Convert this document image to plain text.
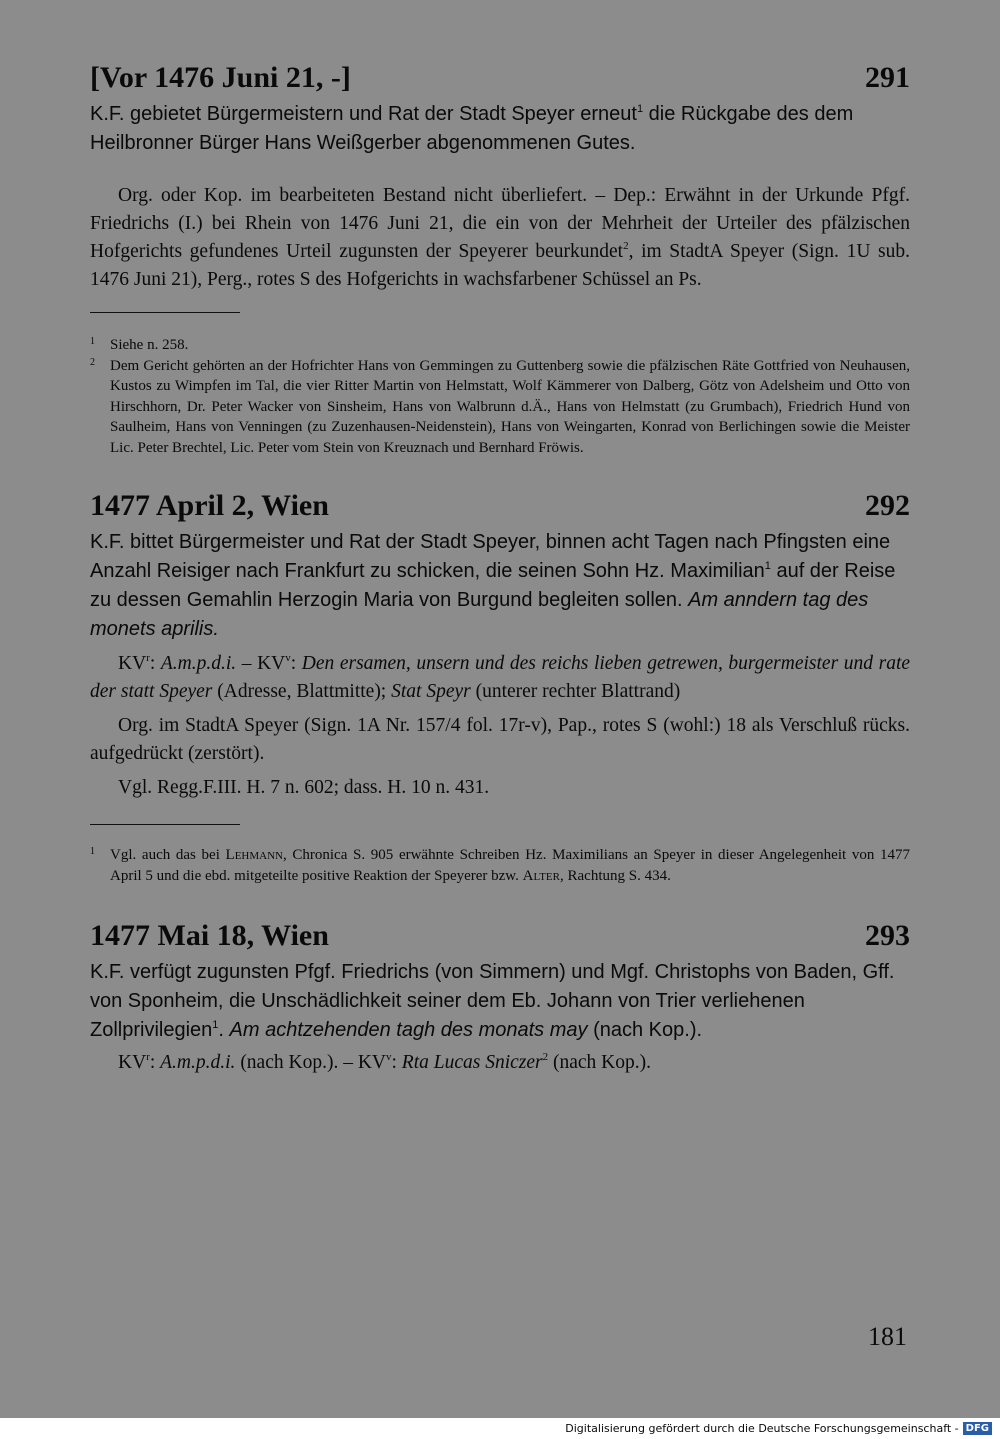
[Vor 1476 Juni 21, -]	291

K.F. gebietet Bürgermeistern und Rat der Stadt Speyer erneut$^1$ die Rückgabe des dem Heilbronner Bürger Hans Weißgerber abgenommenen Gutes.

Org. oder Kop. im bearbeiteten Bestand nicht überliefert. – Dep.: Erwähnt in der Urkunde Pfgf. Friedrichs (I.) bei Rhein von 1476 Juni 21, die ein von der Mehrheit der Urteiler des pfälzischen Hofgerichts gefundenes Urteil zugunsten der Speyerer beurkundet$^2$, im StadtA Speyer (Sign. 1U sub. 1476 Juni 21), Perg., rotes S des Hofgerichts in wachsfarbener Schüssel an Ps.

1	Siehe n. 258.
2	Dem Gericht gehörten an der Hofrichter Hans von Gemmingen zu Guttenberg sowie die pfälzischen Räte Gottfried von Neuhausen, Kustos zu Wimpfen im Tal, die vier Ritter Martin von Helmstatt, Wolf Kämmerer von Dalberg, Götz von Adelsheim und Otto von Hirschhorn, Dr. Peter Wacker von Sinsheim, Hans von Walbrunn d.Ä., Hans von Helmstatt (zu Grumbach), Friedrich Hund von Saulheim, Hans von Venningen (zu Zuzenhausen-Neidenstein), Hans von Weingarten, Konrad von Berlichingen sowie die Meister Lic. Peter Brechtel, Lic. Peter vom Stein von Kreuznach und Bernhard Fröwis.
1477 April 2, Wien	292

K.F. bittet Bürgermeister und Rat der Stadt Speyer, binnen acht Tagen nach Pfingsten eine Anzahl Reisiger nach Frankfurt zu schicken, die seinen Sohn Hz. Maximilian$^1$ auf der Reise zu dessen Gemahlin Herzogin Maria von Burgund begleiten sollen. Am anndern tag des monets aprilis.

$KV^r$: A.m.p.d.i. – $KV^v$: Den ersamen, unsern und des reichs lieben getrewen, burgermeister und rate der statt Speyer (Adresse, Blattmitte); Stat Speyr (unterer rechter Blattrand)

Org. im StadtA Speyer (Sign. 1A Nr. 157/4 fol. 17r-v), Pap., rotes S (wohl:) 18 als Verschluß rücks. aufgedrückt (zerstört).

Vgl. Regg.F.III. H. 7 n. 602; dass. H. 10 n. 431.

1	Vgl. auch das bei Lehmann, Chronica S. 905 erwähnte Schreiben Hz. Maximilians an Speyer in dieser Angelegenheit von 1477 April 5 und die ebd. mitgeteilte positive Reaktion der Speyerer bzw. Alter, Rachtung S. 434.
1477 Mai 18, Wien	293

K.F. verfügt zugunsten Pfgf. Friedrichs (von Simmern) und Mgf. Christophs von Baden, Gff. von Sponheim, die Unschädlichkeit seiner dem Eb. Johann von Trier verliehenen Zollprivilegien$^1$. Am achtzehenden tagh des monats may (nach Kop.).

$KV^r$: A.m.p.d.i. (nach Kop.). – $KV^v$: Rta Lucas Sniczer$^2$ (nach Kop.).

181
Digitalisierung gefördert durch die Deutsche Forschungsgemeinschaft - DFG
